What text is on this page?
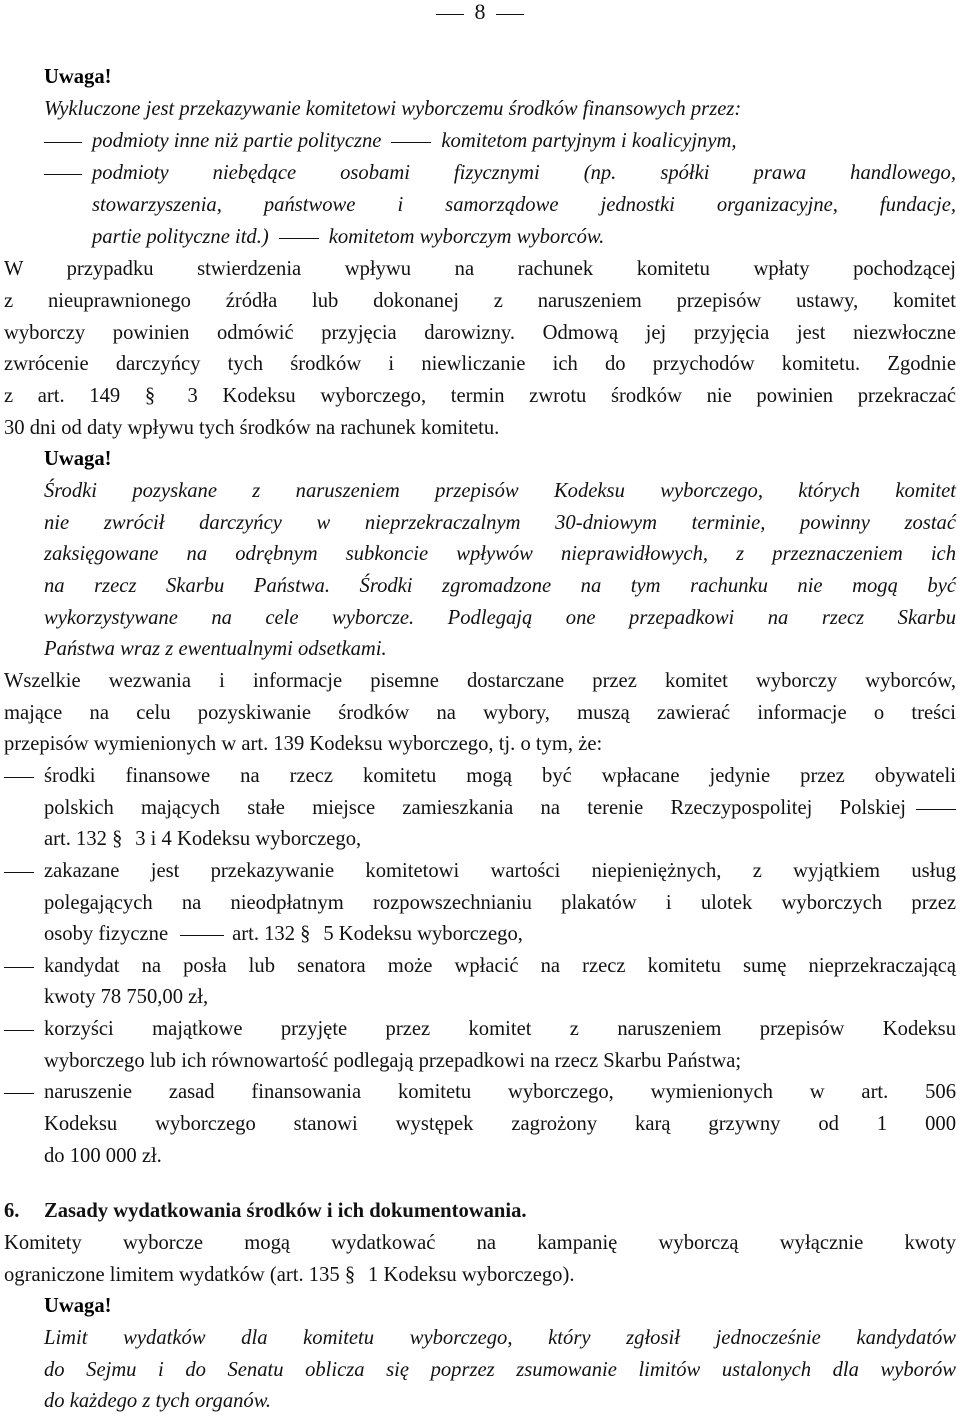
8
Uwaga!
Wykluczone jest przekazywanie komitetowi wyborczemu środków finansowych przez:
podmioty inne niż partie polityczne	komitetom partyjnym i koalicyjnym,
podmioty niebędące osobami fizycznymi (np. spółki prawa handlowego,
stowarzyszenia, państwowe i samorządowe jednostki organizacyjne, fundacje,
partie polityczne itd.)	komitetom wyborczym wyborców.
W przypadku stwierdzenia wpływu na rachunek komitetu wpłaty pochodzącej
z nieuprawnionego źródła lub dokonanej z naruszeniem przepisów ustawy, komitet
wyborczy powinien odmówić przyjęcia darowizny. Odmową jej przyjęcia jest niezwłoczne
zwrócenie darczyńcy tych środków i niewliczanie ich do przychodów komitetu. Zgodnie
z art. 149 § 3 Kodeksu wyborczego, termin zwrotu środków nie powinien przekraczać
30 dni od daty wpływu tych środków na rachunek komitetu.
Uwaga!
Środki pozyskane z naruszeniem przepisów Kodeksu wyborczego, których komitet
nie zwrócił darczyńcy w nieprzekraczalnym 30-dniowym terminie, powinny zostać
zaksięgowane na odrębnym subkoncie wpływów nieprawidłowych, z przeznaczeniem ich
na rzecz Skarbu Państwa. Środki zgromadzone na tym rachunku nie mogą być
wykorzystywane na cele wyborcze. Podlegają one przepadkowi na rzecz Skarbu
Państwa wraz z ewentualnymi odsetkami.
Wszelkie wezwania i informacje pisemne dostarczane przez komitet wyborczy wyborców,
mające na celu pozyskiwanie środków na wybory, muszą zawierać informacje o treści
przepisów wymienionych w art. 139 Kodeksu wyborczego, tj. o tym, że:
środki finansowe na rzecz komitetu mogą być wpłacane jedynie przez obywateli
polskich mających stałe miejsce zamieszkania na terenie Rzeczypospolitej Polskiej
art. 132 § 3 i 4 Kodeksu wyborczego,
zakazane jest przekazywanie komitetowi wartości niepieniężnych, z wyjątkiem usług
polegających na nieodpłatnym rozpowszechnianiu plakatów i ulotek wyborczych przez
osoby fizyczne	art. 132 § 5 Kodeksu wyborczego,
kandydat na posła lub senatora może wpłacić na rzecz komitetu sumę nieprzekraczającą
kwoty 78 750,00 zł,
korzyści majątkowe przyjęte przez komitet z naruszeniem przepisów Kodeksu
wyborczego lub ich równowartość podlegają przepadkowi na rzecz Skarbu Państwa;
naruszenie zasad finansowania komitetu wyborczego, wymienionych w art. 506
Kodeksu wyborczego stanowi występek zagrożony karą grzywny od 1 000
do 100 000 zł.
6. Zasady wydatkowania środków i ich dokumentowania.
Komitety wyborcze mogą wydatkować na kampanię wyborczą wyłącznie kwoty
ograniczone limitem wydatków (art. 135 § 1 Kodeksu wyborczego).
Uwaga!
Limit wydatków dla komitetu wyborczego, który zgłosił jednocześnie kandydatów
do Sejmu i do Senatu oblicza się poprzez zsumowanie limitów ustalonych dla wyborów
do każdego z tych organów.
